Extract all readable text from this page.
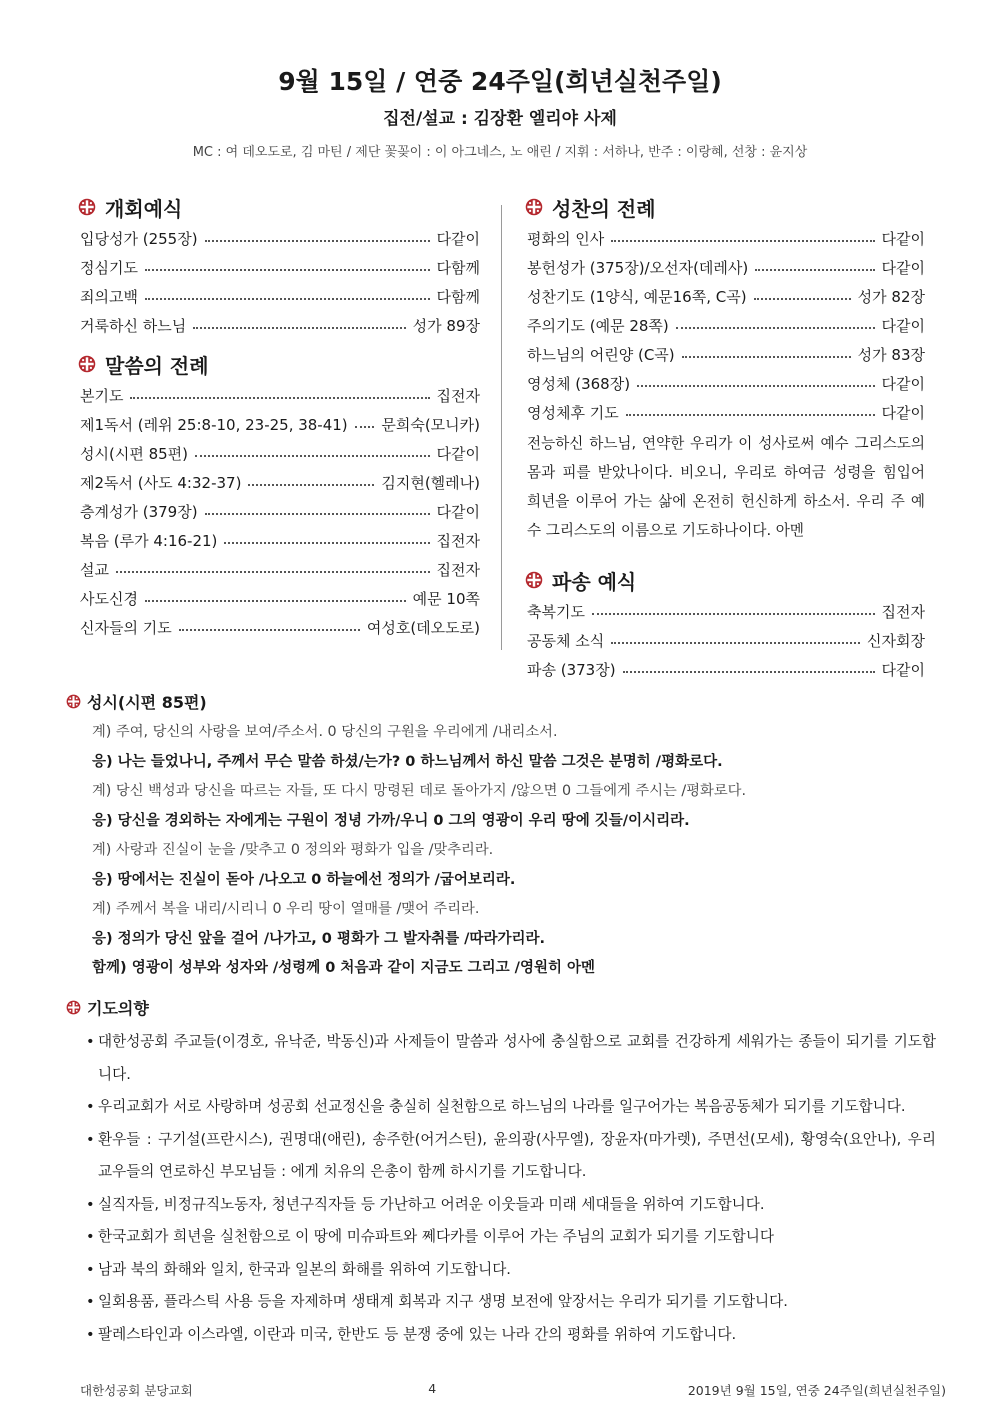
9월 15일 / 연중 24주일(희년실천주일)
집전/설교 : 김장환 엘리야 사제
MC : 여 데오도로, 김 마틴 / 제단 꽃꽂이 : 이 아그네스, 노 애린 / 지휘 : 서하나, 반주 : 이랑혜, 선창 : 윤지상
개회예식
입당성가 (255장)	다같이
정심기도	다함께
죄의고백	다함께
거룩하신 하느님	성가 89장
말씀의 전례
본기도	집전자
제1독서 (레위 25:8-10, 23-25, 38-41) 문희숙(모니카)
성시(시편 85편)	다같이
제2독서 (사도 4:32-37)	김지현(헬레나)
층계성가 (379장)	다같이
복음 (루가 4:16-21)	집전자
설교	집전자
사도신경	예문 10쪽
신자들의 기도	여성호(데오도로)
성찬의 전례
평화의 인사	다같이
봉헌성가 (375장)/오선자(데레사)	다같이
성찬기도 (1양식, 예문16쪽, C곡)	성가 82장
주의기도 (예문 28쪽)	다같이
하느님의 어린양 (C곡)	성가 83장
영성체 (368장)	다같이
영성체후 기도	다같이
전능하신 하느님, 연약한 우리가 이 성사로써 예수 그리스도의 몸과 피를 받았나이다. 비오니, 우리로 하여금 성령을 힘입어 희년을 이루어 가는 삶에 온전히 헌신하게 하소서. 우리 주 예수 그리스도의 이름으로 기도하나이다. 아멘
파송 예식
축복기도	집전자
공동체 소식	신자회장
파송 (373장)	다같이
성시(시편 85편)
계) 주여, 당신의 사랑을 보여/주소서. 0 당신의 구원을 우리에게 /내리소서.
응) 나는 들었나니, 주께서 무슨 말씀 하셨/는가? 0 하느님께서 하신 말씀 그것은 분명히 /평화로다.
계) 당신 백성과 당신을 따르는 자들, 또 다시 망령된 데로 돌아가지 /않으면 0 그들에게 주시는 /평화로다.
응) 당신을 경외하는 자에게는 구원이 정녕 가까/우니 0 그의 영광이 우리 땅에 깃들/이시리라.
계) 사랑과 진실이 눈을 /맞추고 0 정의와 평화가 입을 /맞추리라.
응) 땅에서는 진실이 돋아 /나오고 0 하늘에선 정의가 /굽어보리라.
계) 주께서 복을 내리/시리니 0 우리 땅이 열매를 /맺어 주리라.
응) 정의가 당신 앞을 걸어 /나가고, 0 평화가 그 발자취를 /따라가리라.
함께) 영광이 성부와 성자와 /성령께 0 처음과 같이 지금도 그리고 /영원히 아멘
기도의향
• 대한성공회 주교들(이경호, 유낙준, 박동신)과 사제들이 말씀과 성사에 충실함으로 교회를 건강하게 세워가는 종들이 되기를 기도합니다.
• 우리교회가 서로 사랑하며 성공회 선교정신을 충실히 실천함으로 하느님의 나라를 일구어가는 복음공동체가 되기를 기도합니다.
• 환우들 : 구기설(프란시스), 권명대(애린), 송주한(어거스틴), 윤의광(사무엘), 장윤자(마가렛), 주면선(모세), 황영숙(요안나), 우리 교우들의 연로하신 부모님들 : 에게 치유의 은총이 함께 하시기를 기도합니다.
• 실직자들, 비정규직노동자, 청년구직자들 등 가난하고 어려운 이웃들과 미래 세대들을 위하여 기도합니다.
• 한국교회가 희년을 실천함으로 이 땅에 미슈파트와 쩨다카를 이루어 가는 주님의 교회가 되기를 기도합니다
• 남과 북의 화해와 일치, 한국과 일본의 화해를 위하여 기도합니다.
• 일회용품, 플라스틱 사용 등을 자제하며 생태계 회복과 지구 생명 보전에 앞장서는 우리가 되기를 기도합니다.
• 팔레스타인과 이스라엘, 이란과 미국, 한반도 등 분쟁 중에 있는 나라 간의 평화를 위하여 기도합니다.
대한성공회 분당교회	4	2019년 9월 15일, 연중 24주일(희년실천주일)
